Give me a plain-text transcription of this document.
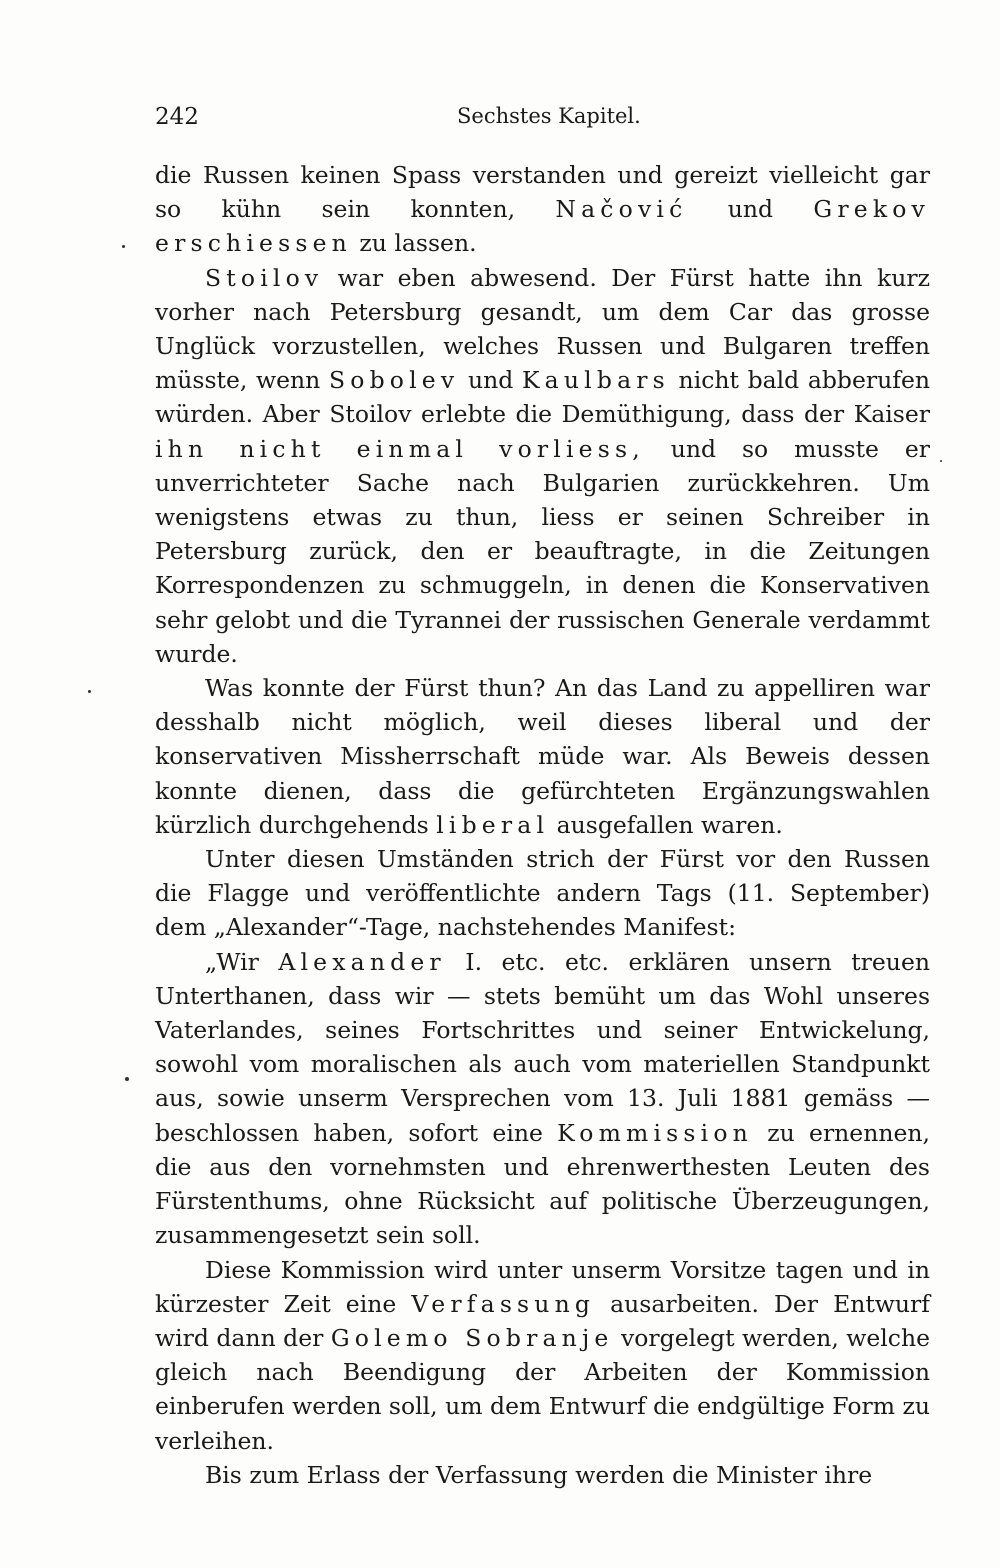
242	Sechstes Kapitel.

die Russen keinen Spass verstanden und gereizt vielleicht gar so kühn sein konnten, Načović und Grekov erschiessen zu lassen.

Stoilov war eben abwesend. Der Fürst hatte ihn kurz vorher nach Petersburg gesandt, um dem Car das grosse Unglück vorzustellen, welches Russen und Bulgaren treffen müsste, wenn Sobolev und Kaulbars nicht bald abberufen würden. Aber Stoilov erlebte die Demüthigung, dass der Kaiser ihn nicht einmal vorliess, und so musste er unverrichteter Sache nach Bulgarien zurückkehren. Um wenigstens etwas zu thun, liess er seinen Schreiber in Petersburg zurück, den er beauftragte, in die Zeitungen Korrespondenzen zu schmuggeln, in denen die Konservativen sehr gelobt und die Tyrannei der russischen Generale verdammt wurde.

Was konnte der Fürst thun? An das Land zu appelliren war desshalb nicht möglich, weil dieses liberal und der konservativen Missherrschaft müde war. Als Beweis dessen konnte dienen, dass die gefürchteten Ergänzungswahlen kürzlich durchgehends liberal ausgefallen waren.

Unter diesen Umständen strich der Fürst vor den Russen die Flagge und veröffentlichte andern Tags (11. September) dem „Alexander“-Tage, nachstehendes Manifest:

„Wir Alexander I. etc. etc. erklären unsern treuen Unterthanen, dass wir — stets bemüht um das Wohl unseres Vaterlandes, seines Fortschrittes und seiner Entwickelung, sowohl vom moralischen als auch vom materiellen Standpunkt aus, sowie unserm Versprechen vom 13. Juli 1881 gemäss — beschlossen haben, sofort eine Kommission zu ernennen, die aus den vornehmsten und ehrenwerthesten Leuten des Fürstenthums, ohne Rücksicht auf politische Überzeugungen, zusammengesetzt sein soll.

Diese Kommission wird unter unserm Vorsitze tagen und in kürzester Zeit eine Verfassung ausarbeiten. Der Entwurf wird dann der Golemo Sobranje vorgelegt werden, welche gleich nach Beendigung der Arbeiten der Kommission einberufen werden soll, um dem Entwurf die endgültige Form zu verleihen.

Bis zum Erlass der Verfassung werden die Minister ihre
